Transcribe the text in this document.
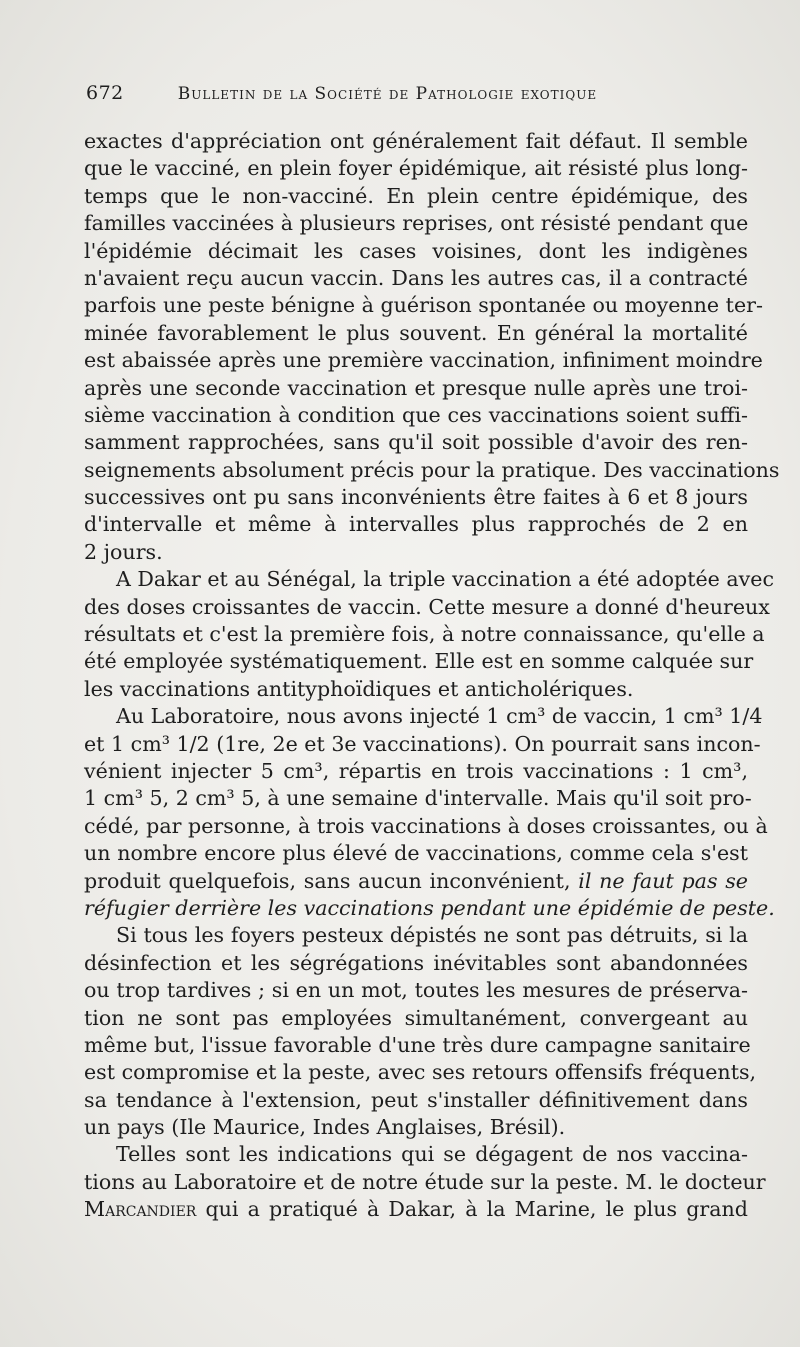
672	Bulletin de la Société de Pathologie exotique
exactes d'appréciation ont généralement fait défaut. Il semble
que le vacciné, en plein foyer épidémique, ait résisté plus long-
temps que le non-vacciné. En plein centre épidémique, des
familles vaccinées à plusieurs reprises, ont résisté pendant que
l'épidémie décimait les cases voisines, dont les indigènes
n'avaient reçu aucun vaccin. Dans les autres cas, il a contracté
parfois une peste bénigne à guérison spontanée ou moyenne ter-
minée favorablement le plus souvent. En général la mortalité
est abaissée après une première vaccination, infiniment moindre
après une seconde vaccination et presque nulle après une troi-
sième vaccination à condition que ces vaccinations soient suffi-
samment rapprochées, sans qu'il soit possible d'avoir des ren-
seignements absolument précis pour la pratique. Des vaccinations
successives ont pu sans inconvénients être faites à 6 et 8 jours
d'intervalle et même à intervalles plus rapprochés de 2 en
2 jours.
A Dakar et au Sénégal, la triple vaccination a été adoptée avec
des doses croissantes de vaccin. Cette mesure a donné d'heureux
résultats et c'est la première fois, à notre connaissance, qu'elle a
été employée systématiquement. Elle est en somme calquée sur
les vaccinations antityphoïdiques et anticholériques.
Au Laboratoire, nous avons injecté 1 cm³ de vaccin, 1 cm³ 1/4
et 1 cm³ 1/2 (1re, 2e et 3e vaccinations). On pourrait sans incon-
vénient injecter 5 cm³, répartis en trois vaccinations : 1 cm³,
1 cm³ 5, 2 cm³ 5, à une semaine d'intervalle. Mais qu'il soit pro-
cédé, par personne, à trois vaccinations à doses croissantes, ou à
un nombre encore plus élevé de vaccinations, comme cela s'est
produit quelquefois, sans aucun inconvénient, il ne faut pas se
réfugier derrière les vaccinations pendant une épidémie de peste.
Si tous les foyers pesteux dépistés ne sont pas détruits, si la
désinfection et les ségrégations inévitables sont abandonnées
ou trop tardives ; si en un mot, toutes les mesures de préserva-
tion ne sont pas employées simultanément, convergeant au
même but, l'issue favorable d'une très dure campagne sanitaire
est compromise et la peste, avec ses retours offensifs fréquents,
sa tendance à l'extension, peut s'installer définitivement dans
un pays (Ile Maurice, Indes Anglaises, Brésil).
Telles sont les indications qui se dégagent de nos vaccina-
tions au Laboratoire et de notre étude sur la peste. M. le docteur
Marcandier qui a pratiqué à Dakar, à la Marine, le plus grand
